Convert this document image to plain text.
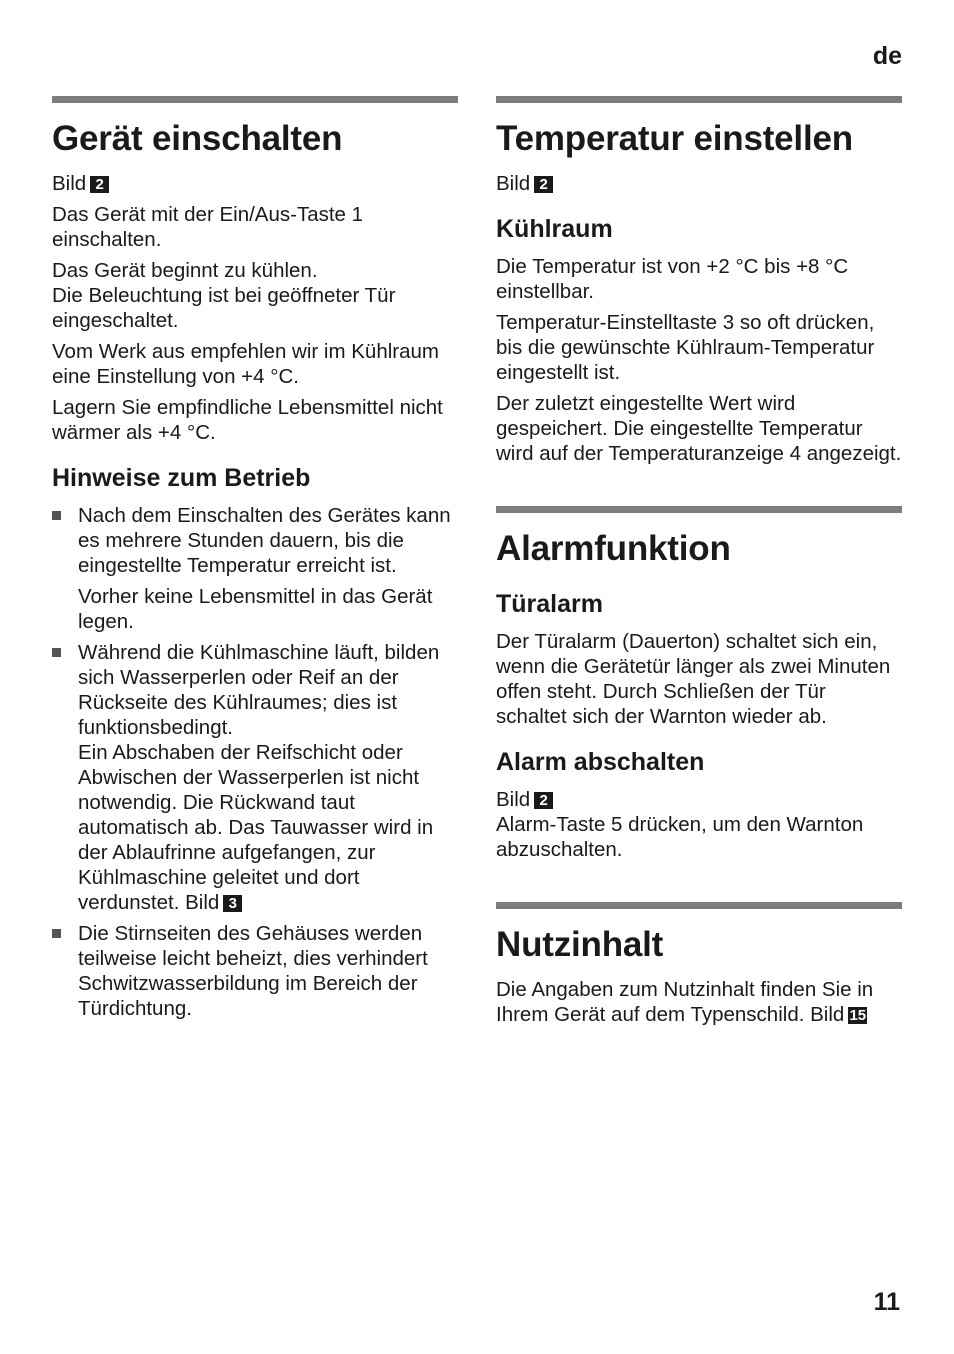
de
Gerät einschalten

Bild 2

Das Gerät mit der Ein/Aus-Taste 1 einschalten.

Das Gerät beginnt zu kühlen.
Die Beleuchtung ist bei geöffneter Tür eingeschaltet.

Vom Werk aus empfehlen wir im Kühlraum eine Einstellung von +4 °C.

Lagern Sie empfindliche Lebensmittel nicht wärmer als +4 °C.

Hinweise zum Betrieb

Nach dem Einschalten des Gerätes kann es mehrere Stunden dauern, bis die eingestellte Temperatur erreicht ist.

Vorher keine Lebensmittel in das Gerät legen.

Während die Kühlmaschine läuft, bilden sich Wasserperlen oder Reif an der Rückseite des Kühlraumes; dies ist funktionsbedingt.
Ein Abschaben der Reifschicht oder Abwischen der Wasserperlen ist nicht notwendig. Die Rückwand taut automatisch ab. Das Tauwasser wird in der Ablaufrinne aufgefangen, zur Kühlmaschine geleitet und dort verdunstet. Bild 3

Die Stirnseiten des Gehäuses werden teilweise leicht beheizt, dies verhindert Schwitzwasserbildung im Bereich der Türdichtung.

Temperatur einstellen

Bild 2

Kühlraum

Die Temperatur ist von +2 °C bis +8 °C einstellbar.

Temperatur-Einstelltaste 3 so oft drücken, bis die gewünschte Kühlraum-Temperatur eingestellt ist.

Der zuletzt eingestellte Wert wird gespeichert. Die eingestellte Temperatur wird auf der Temperaturanzeige 4 angezeigt.

Alarmfunktion
Türalarm

Der Türalarm (Dauerton) schaltet sich ein, wenn die Gerätetür länger als zwei Minuten offen steht. Durch Schließen der Tür schaltet sich der Warnton wieder ab.

Alarm abschalten

Bild 2
Alarm-Taste 5 drücken, um den Warnton abzuschalten.

Nutzinhalt

Die Angaben zum Nutzinhalt finden Sie in Ihrem Gerät auf dem Typenschild. Bild 15

11
